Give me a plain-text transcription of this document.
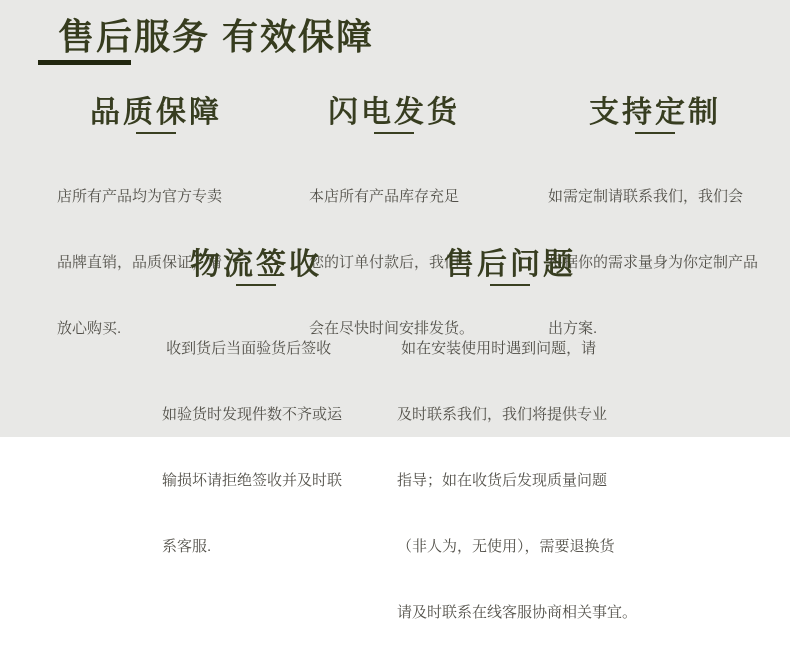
售后服务 有效保障
品质保障

店所有产品均为官方专卖

品牌直销，品质保证，请

放心购买.

闪电发货

本店所有产品库存充足

您的订单付款后，我们

会在尽快时间安排发货。

支持定制

如需定制请联系我们，我们会

根据你的需求量身为你定制产品

出方案.

物流签收

收到货后当面验货后签收

如验货时发现件数不齐或运

输损坏请拒绝签收并及时联

系客服.

售后问题

如在安装使用时遇到问题，请

及时联系我们，我们将提供专业

指导；如在收货后发现质量问题

（非人为，无使用），需要退换货

请及时联系在线客服协商相关事宜。
